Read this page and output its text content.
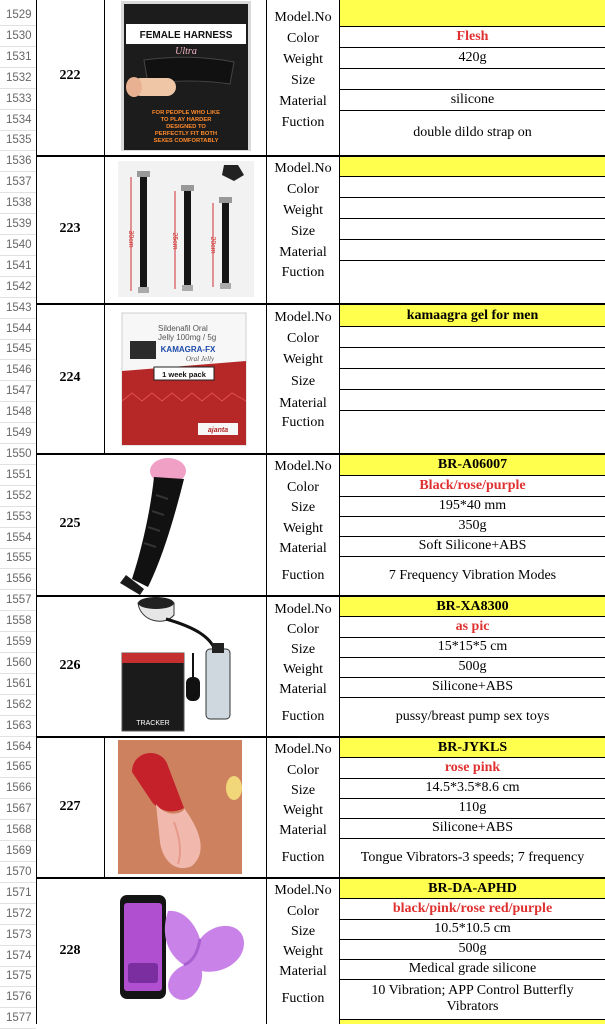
1529
1530
1531
1532
1533
1534
1535
1536
1537
1538
1539
1540
1541
1542
1543
1544
1545
1546
1547
1548
1549
1550
1551
1552
1553
1554
1555
1556
1557
1558
1559
1560
1561
1562
1563
1564
1565
1566
1567
1568
1569
1570
1571
1572
1573
1574
1575
1576
1577
222
FEMALE HARNESS
Ultra
FOR PEOPLE WHO LIKE
TO PLAY HARDER
DESIGNED TO
PERFECTLY FIT BOTH
SEXES COMFORTABLY
Model.No
Color
Weight
Size
Material
Fuction
Flesh
420g
silicone
double dildo strap on
223
30cm	25cm	20cm
Model.No
Color
Weight
Size
Material
Fuction
224
Sildenafil Oral
Jelly 100mg / 5g
KAMAGRA-FX
Oral Jelly
1 week pack
ajanta
Model.No
Color
Weight
Size
Material
Fuction
kamaagra gel for men
225
Model.No
Color
Size
Weight
Material
Fuction
BR-A06007
Black/rose/purple
195*40 mm
350g
Soft Silicone+ABS
7 Frequency Vibration Modes
226
TRACKER
Model.No
Color
Size
Weight
Material
Fuction
BR-XA8300
as pic
15*15*5 cm
500g
Silicone+ABS
pussy/breast pump sex toys
227
Model.No
Color
Size
Weight
Material
Fuction
BR-JYKLS
rose pink
14.5*3.5*8.6 cm
110g
Silicone+ABS
Tongue Vibrators-3 speeds; 7 frequency
228
Model.No
Color
Size
Weight
Material
Fuction
BR-DA-APHD
black/pink/rose red/purple
10.5*10.5 cm
500g
Medical grade silicone
10 Vibration; APP Control Butterfly Vibrators
